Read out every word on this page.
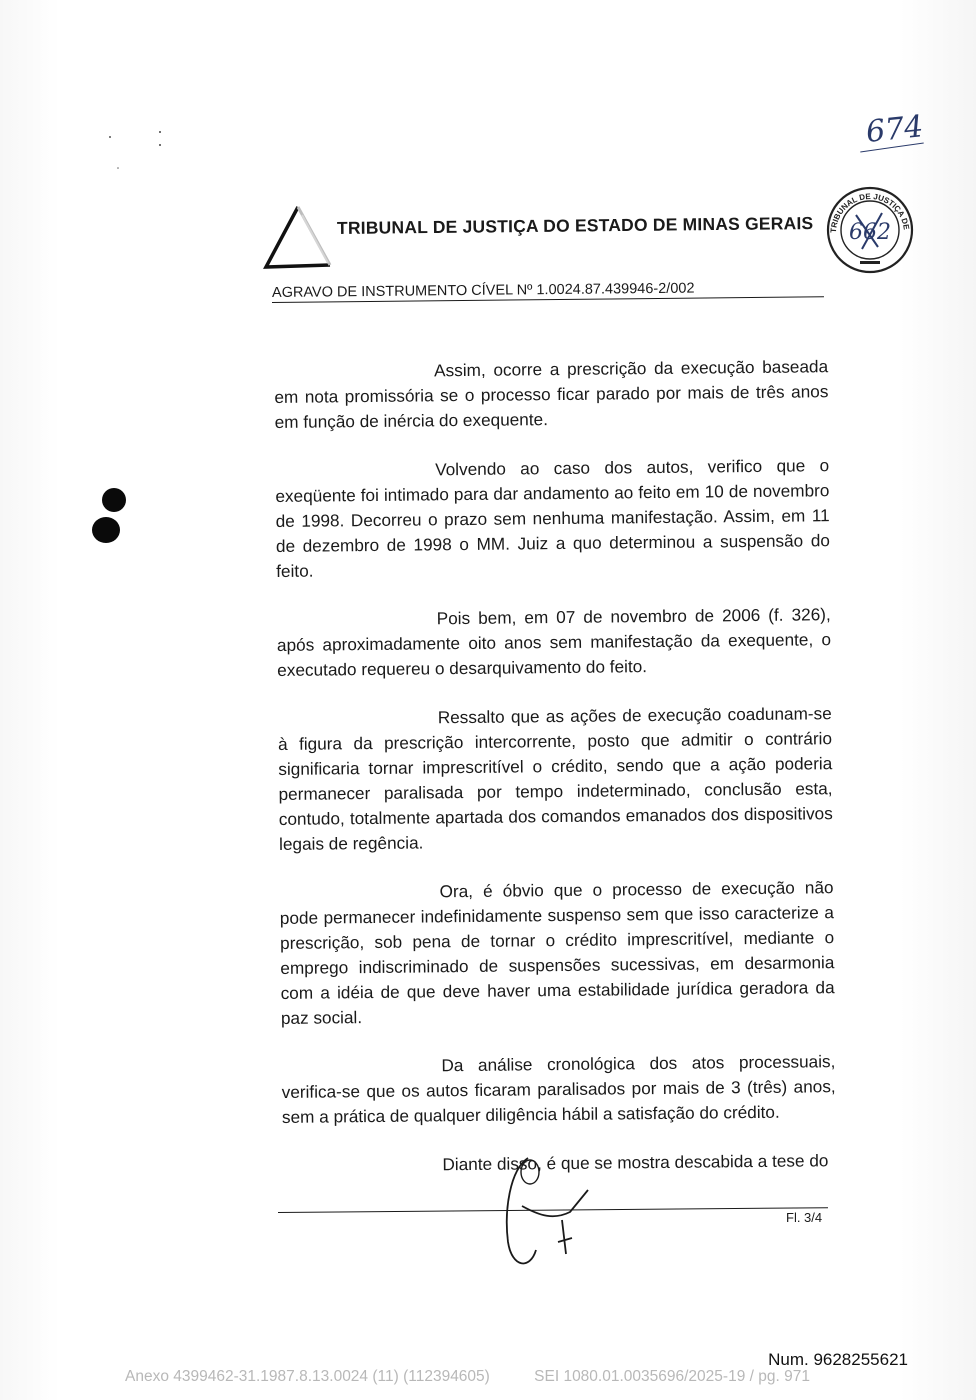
674
TRIBUNAL DE JUSTIÇA DO ESTADO DE MINAS GERAIS	TRIBUNAL DE JUSTIÇA DE
662
AGRAVO DE INSTRUMENTO CÍVEL Nº 1.0024.87.439946-2/002

Assim, ocorre a prescrição da execução baseada em nota promissória se o processo ficar parado por mais de três anos em função de inércia do exequente.

Volvendo ao caso dos autos, verifico que o exeqüente foi intimado para dar andamento ao feito em 10 de novembro de 1998. Decorreu o prazo sem nenhuma manifestação. Assim, em 11 de dezembro de 1998 o MM. Juiz a quo determinou a suspensão do feito.

Pois bem, em 07 de novembro de 2006 (f. 326), após aproximadamente oito anos sem manifestação da exequente, o executado requereu o desarquivamento do feito.

Ressalto que as ações de execução coadunam-se à figura da prescrição intercorrente, posto que admitir o contrário significaria tornar imprescritível o crédito, sendo que a ação poderia permanecer paralisada por tempo indeterminado, conclusão esta, contudo, totalmente apartada dos comandos emanados dos dispositivos legais de regência.

Ora, é óbvio que o processo de execução não pode permanecer indefinidamente suspenso sem que isso caracterize a prescrição, sob pena de tornar o crédito imprescritível, mediante o emprego indiscriminado de suspensões sucessivas, em desarmonia com a idéia de que deve haver uma estabilidade jurídica geradora da paz social.

Da análise cronológica dos atos processuais, verifica-se que os autos ficaram paralisados por mais de 3 (três) anos, sem a prática de qualquer diligência hábil a satisfação do crédito.

Diante disso, é que se mostra descabida a tese do

Fl. 3/4
Num. 9628255621
Anexo 4399462-31.1987.8.13.0024 (11) (112394605)	SEI 1080.01.0035696/2025-19 / pg. 971
